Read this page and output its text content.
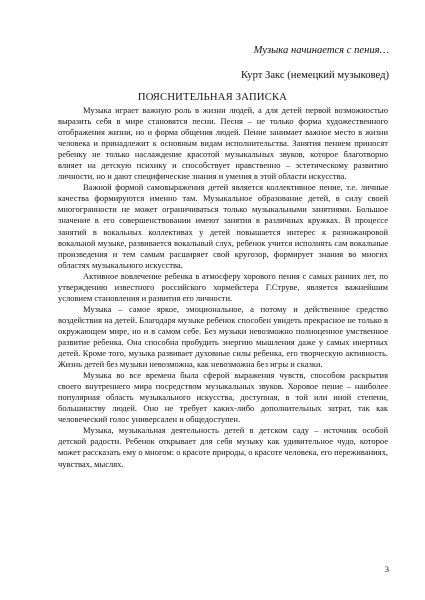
Музыка начинается с пения…
Курт Закс (немецкий музыковед)
ПОЯСНИТЕЛЬНАЯ ЗАПИСКА

Музыка играет важную роль в жизни людей, а для детей первой возможностью выразить себя в мире становятся песни. Песня – не только форма художественного отображения жизни, но и форма общения людей. Пение занимает важное место в жизни человека и принадлежит к основным видам исполнительства. Занятия пением приносят ребенку не только наслаждение красотой музыкальных звуков, которое благотворно влияет на детскую психику и способствует нравственно – эстетическому развитию личности, но и дают специфические знания и умения в этой области искусства.

Важной формой самовыражения детей является коллективное пение, т.е. личные качества формируются именно там. Музыкальное образование детей, в силу своей многогранности не может ограничиваться только музыкальными занятиями. Большое значение в его совершенствовании имеют занятия в различных кружках. В процессе занятий в вокальных коллективах у детей повышается интерес к разножанровой вокальной музыке, развивается вокальный слух, ребенок учится исполнять сам вокальные произведения и тем самым расширяет свой кругозор, формирует знания во многих областях музыкального искусства.

Активное вовлечение ребенка в атмосферу хорового пения с самых ранних лет, по утверждению известного российского хормейстера Г.Струве, является важнейшим условием становления и развития его личности.

Музыка – самое яркое, эмоциональное, а потому и действенное средство воздействия на детей. Благодаря музыке ребенок способен увидеть прекрасное не только в окружающем мире, но и в самом себе. Без музыки невозможно полноценное умственное развитие ребенка. Она способна пробудить энергию мышления даже у самых инертных детей. Кроме того, музыка развивает духовные силы ребенка, его творческую активность. Жизнь детей без музыки невозможна, как невозможна без игры и сказки.

Музыка во все времена была сферой выражения чувств, способом раскрытия своего внутреннего мира посредством музыкальных звуков. Хоровое пение – наиболее популярная область музыкального искусства, доступная, в той или иной степени, большинству людей. Оно не требует каких-либо дополнительных затрат, так как человеческий голос универсален и общедоступен.

Музыка, музыкальная деятельность детей в детском саду – источник особой детской радости. Ребенок открывает для себя музыку как удивительное чудо, которое может рассказать ему о многом: о красоте природы, о красоте человека, его переживаниях, чувствах, мыслях.

3
